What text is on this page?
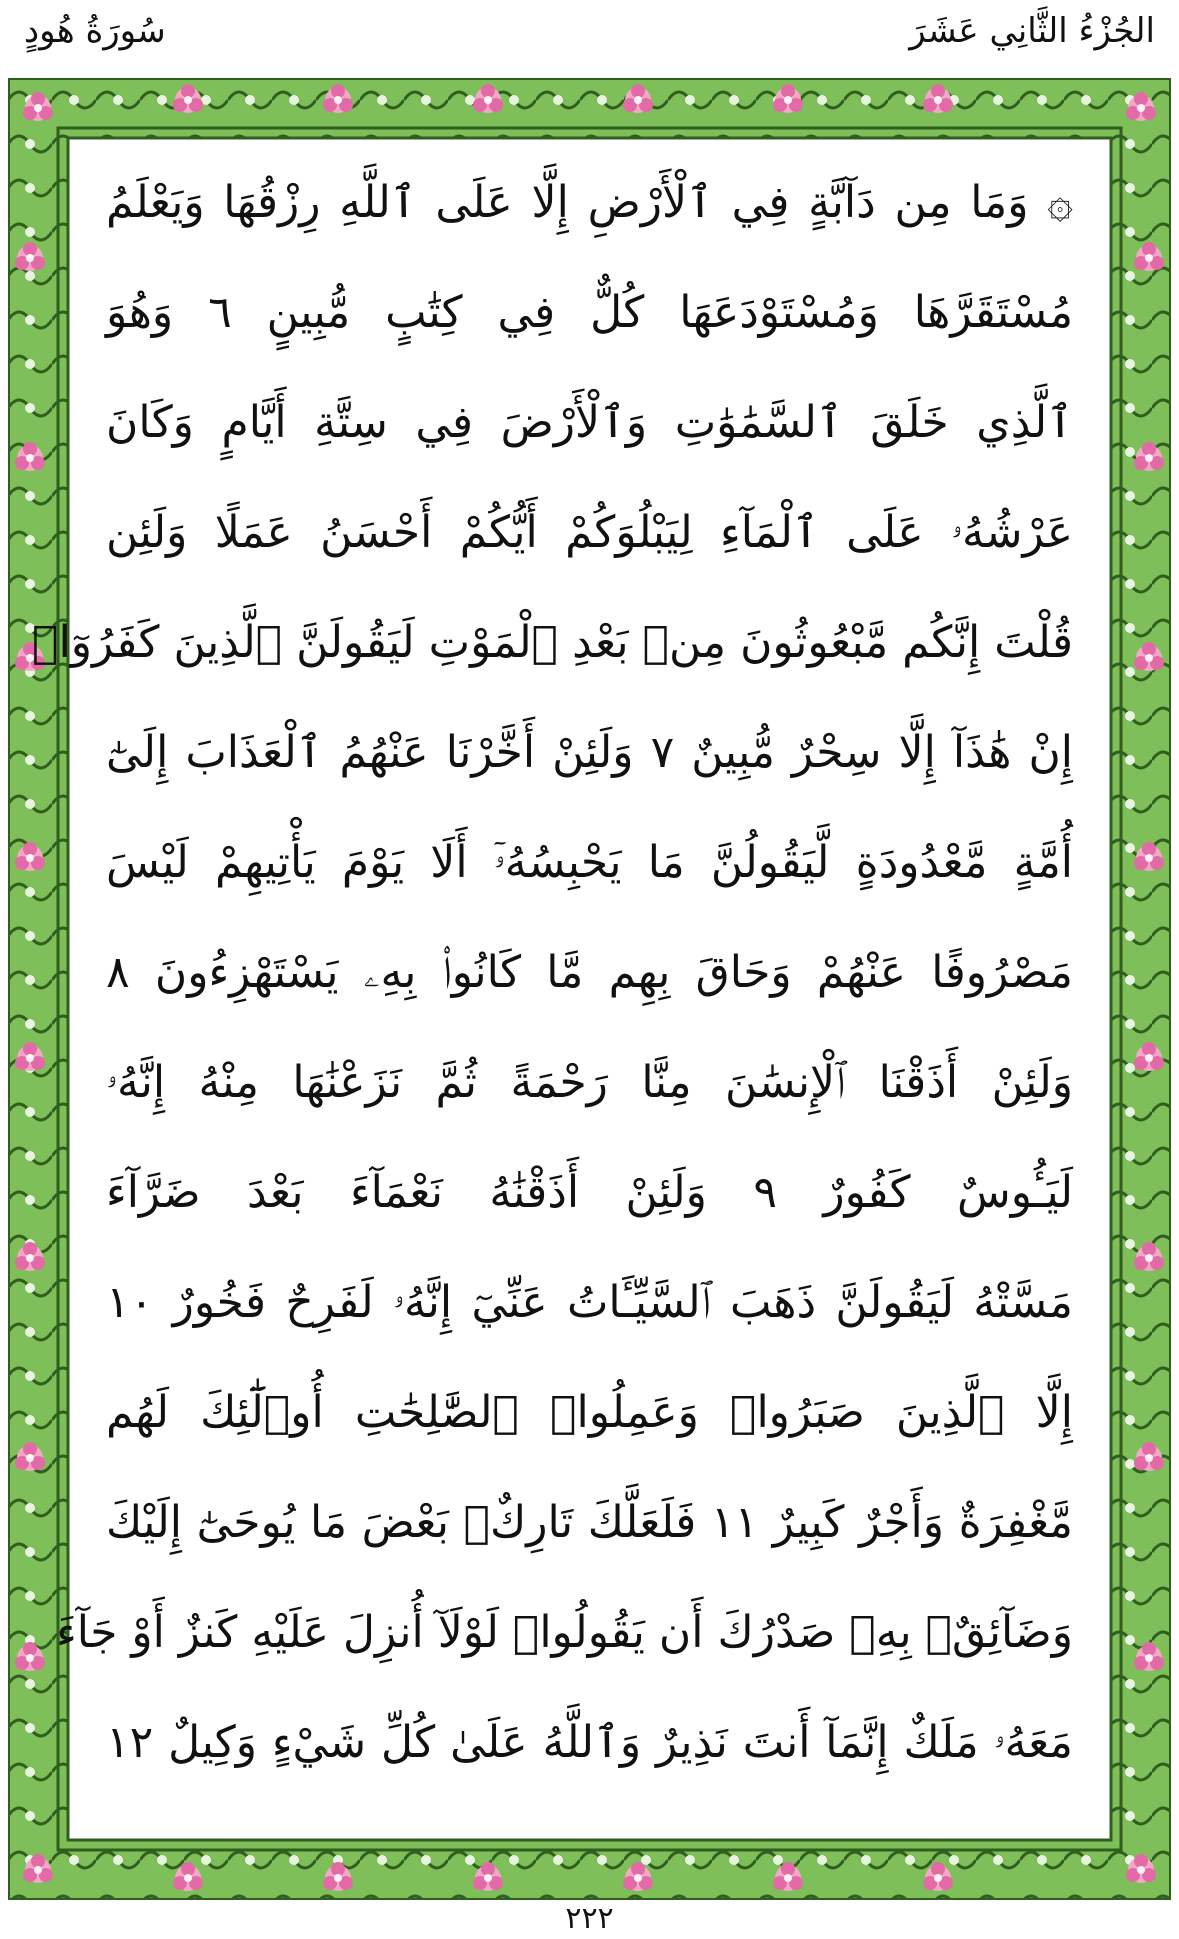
الجُزْءُ الثَّانِي عَشَرَ
سُورَةُ هُودٍ
۞ وَمَا مِن دَآبَّةٍ فِي ٱلْأَرْضِ إِلَّا عَلَى ٱللَّهِ رِزْقُهَا وَيَعْلَمُ
مُسْتَقَرَّهَا وَمُسْتَوْدَعَهَا كُلٌّ فِي كِتَٰبٍ مُّبِينٍ ٦ وَهُوَ
ٱلَّذِي خَلَقَ ٱلسَّمَٰوَٰتِ وَٱلْأَرْضَ فِي سِتَّةِ أَيَّامٍ وَكَانَ
عَرْشُهُۥ عَلَى ٱلْمَآءِ لِيَبْلُوَكُمْ أَيُّكُمْ أَحْسَنُ عَمَلًا وَلَئِن
قُلْتَ إِنَّكُم مَّبْعُوثُونَ مِنۢ بَعْدِ ٱلْمَوْتِ لَيَقُولَنَّ ٱلَّذِينَ كَفَرُوٓا۟
إِنْ هَٰذَآ إِلَّا سِحْرٌ مُّبِينٌ ٧ وَلَئِنْ أَخَّرْنَا عَنْهُمُ ٱلْعَذَابَ إِلَىٰٓ
أُمَّةٍ مَّعْدُودَةٍ لَّيَقُولُنَّ مَا يَحْبِسُهُۥٓ أَلَا يَوْمَ يَأْتِيهِمْ لَيْسَ
مَصْرُوفًا عَنْهُمْ وَحَاقَ بِهِم مَّا كَانُوا۟ بِهِۦ يَسْتَهْزِءُونَ ٨
وَلَئِنْ أَذَقْنَا ٱلْإِنسَٰنَ مِنَّا رَحْمَةً ثُمَّ نَزَعْنَٰهَا مِنْهُ إِنَّهُۥ
لَيَـُٔوسٌ كَفُورٌ ٩ وَلَئِنْ أَذَقْنَٰهُ نَعْمَآءَ بَعْدَ ضَرَّآءَ
مَسَّتْهُ لَيَقُولَنَّ ذَهَبَ ٱلسَّيِّـَٔاتُ عَنِّيٓ إِنَّهُۥ لَفَرِحٌ فَخُورٌ ١٠
إِلَّا ٱلَّذِينَ صَبَرُوا۟ وَعَمِلُوا۟ ٱلصَّٰلِحَٰتِ أُو۟لَٰٓئِكَ لَهُم
مَّغْفِرَةٌ وَأَجْرٌ كَبِيرٌ ١١ فَلَعَلَّكَ تَارِكٌۢ بَعْضَ مَا يُوحَىٰٓ إِلَيْكَ
وَضَآئِقٌۢ بِهِۦ صَدْرُكَ أَن يَقُولُوا۟ لَوْلَآ أُنزِلَ عَلَيْهِ كَنزٌ أَوْ جَآءَ
مَعَهُۥ مَلَكٌ إِنَّمَآ أَنتَ نَذِيرٌ وَٱللَّهُ عَلَىٰ كُلِّ شَيْءٍ وَكِيلٌ ١٢
٢٢٢
